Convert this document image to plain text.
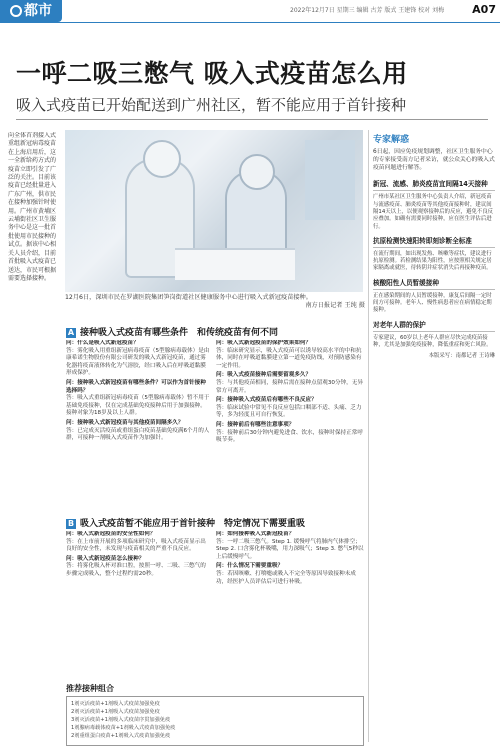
都市	2022年12月7日 星期三 编辑 古芳 版式 王建锋 校对 刘梅	A07
一呼二吸三憋气 吸入式疫苗怎么用
吸入式疫苗已开始配送到广州社区，暂不能应用于首针接种
向全体首剂接入式重组新冠病毒疫苗在上海启用后，这一全新给药方式的疫苗立即引发了广泛的关注。目前该疫苗已经批量进入广东广州，供市民在接种加强针时使用。广州市黄埔区云埔街社区卫生服务中心是这一批首批使用市民接种的试点。据该中心相关人员介绍，目前首批吸入式疫苗已送达，市民可根据需要选择接种。
12月6日，深圳市民在罗湖医院集团笋岗街道社区健康服务中心进行吸入式新冠疫苗接种。
南方日报记者 王纯 摄
A 接种吸入式疫苗有哪些条件　和传统疫苗有何不同

问：什么是吸入式新冠疫苗？
答：雾化吸入用重组新冠病毒疫苗（5型腺病毒载体）是由康希诺生物股份有限公司研发的吸入式新冠疫苗，通过雾化器将疫苗液体转化为气溶胶，经口吸入后在呼吸道黏膜形成保护。

问：接种吸入式新冠疫苗有哪些条件？可以作为首针接种选择吗？
答：吸入式重组新冠病毒疫苗（5型腺病毒载体）暂不用于基础免疫接种，仅在完成基础免疫接种后用于加强接种。接种对象为18岁及以上人群。

问：接种吸入式新冠疫苗与其他疫苗间隔多久？
答：已完成灭活疫苗或重组蛋白疫苗基础免疫满6个月的人群，可接种一剂吸入式疫苗作为加强针。

问：吸入式新冠疫苗的保护效果如何？
答：临床研究显示，吸入式疫苗可以诱导较高水平的中和抗体，同时在呼吸道黏膜建立第一道免疫防线，对预防感染有一定作用。

问：吸入式疫苗接种后需要留观多久？
答：与其他疫苗相同，接种后需在接种点留观30分钟，无异常方可离开。

问：接种吸入式疫苗后有哪些不良反应？
答：临床试验中常见不良反应包括口咽部不适、头痛、乏力等，多为轻度且可自行恢复。

问：接种前后有哪些注意事项？
答：接种前后30分钟内避免进食、饮水，接种时保持正常呼吸节奏。

B 吸入式疫苗暂不能应用于首针接种　特定情况下需要重吸

问：吸入式新冠疫苗的安全性如何？
答：在上市前开展的多项临床研究中，吸入式疫苗显示出良好的安全性，未发现与疫苗相关的严重不良反应。

问：吸入式新冠疫苗怎么接种？
答：将雾化吸入杯对准口腔，按照一呼、二吸、三憋气的步骤完成吸入，整个过程约需20秒。

问：如何接种吸入式新冠疫苗？
答：一呼二吸三憋气。Step 1. 缓慢呼气将肺内气体排空；Step 2. 口含雾化杯吸嘴，用力深吸气；Step 3. 憋气5秒以上后缓慢呼气。

问：什么情况下需要重吸？
答：若因咳嗽、打喷嚏或吸入不完全等原因导致接种未成功，经医护人员评估后可进行补吸。

推荐接种组合
1剂灭活疫苗+1剂吸入式疫苗加强免疫
2剂灭活疫苗+1剂吸入式疫苗加强免疫
3剂灭活疫苗+1剂吸入式疫苗序贯加强免疫
1剂腺病毒载体疫苗+1剂吸入式疫苗加强免疫
2剂重组蛋白疫苗+1剂吸入式疫苗加强免疫
专家解惑

6日起，因应免疫规划调整，社区卫生服务中心的专家接受南方记者采访，就公众关心的吸入式疫苗问题进行解答。

新冠、流感、肺炎疫苗宜间隔14天接种

广州市某社区卫生服务中心负责人介绍，新冠疫苗与流感疫苗、肺炎疫苗等其他疫苗接种时，建议间隔14天以上，以便观察接种后的反应，避免不良反应叠加。如确有需要同时接种，应在医生评估后进行。

抗原检测快速阳转即刻诊断全标准

在流行期间，如出现发热、咳嗽等症状，建议进行抗原检测。若检测结果为阳性，应按照相关规定居家隔离或就医，待转阴并症状消失后再接种疫苗。

核酸阳性人员暂缓接种

正在感染期间的人员暂缓接种，康复后间隔一定时间方可接种。老年人、慢性病患者应在病情稳定期接种。

对老年人群的保护

专家建议，60岁以上老年人群应尽快完成疫苗接种，尤其是加强免疫接种，降低重症和死亡风险。

本版采写：南都记者 王诗琳
